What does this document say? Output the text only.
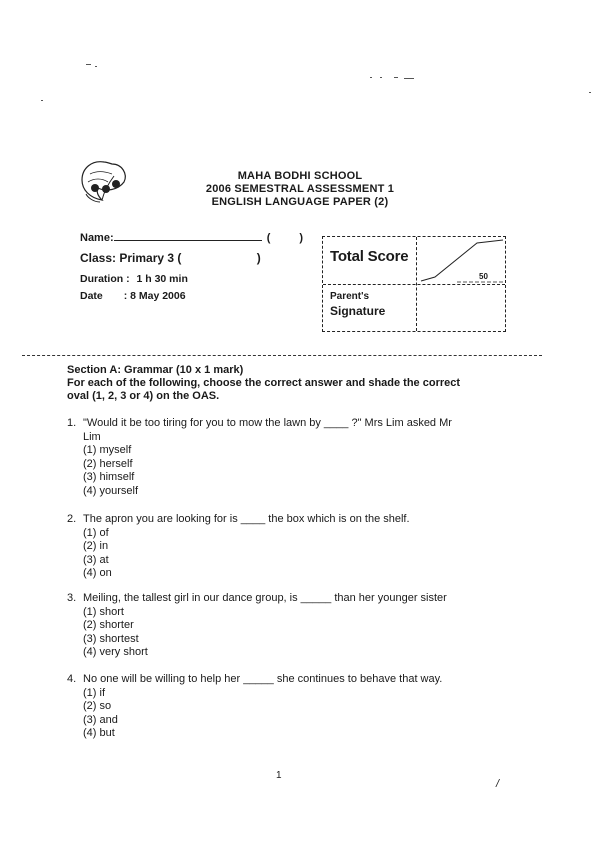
MAHA BODHI SCHOOL
2006 SEMESTRAL ASSESSMENT 1
ENGLISH LANGUAGE PAPER (2)
Name:	(	)
Class: Primary 3 (	)
Duration : 1 h 30 min
Date : 8 May 2006
Total Score
50
Parent's
Signature
Section A: Grammar (10 x 1 mark)
For each of the following, choose the correct answer and shade the correct
oval (1, 2, 3 or 4) on the OAS.
1. "Would it be too tiring for you to mow the lawn by ____ ?" Mrs Lim asked Mr
Lim
(1) myself
(2) herself
(3) himself
(4) yourself
2. The apron you are looking for is ____ the box which is on the shelf.
(1) of
(2) in
(3) at
(4) on
3. Meiling, the tallest girl in our dance group, is _____ than her younger sister
(1) short
(2) shorter
(3) shortest
(4) very short
4. No one will be willing to help her _____ she continues to behave that way.
(1) if
(2) so
(3) and
(4) but
1
/
